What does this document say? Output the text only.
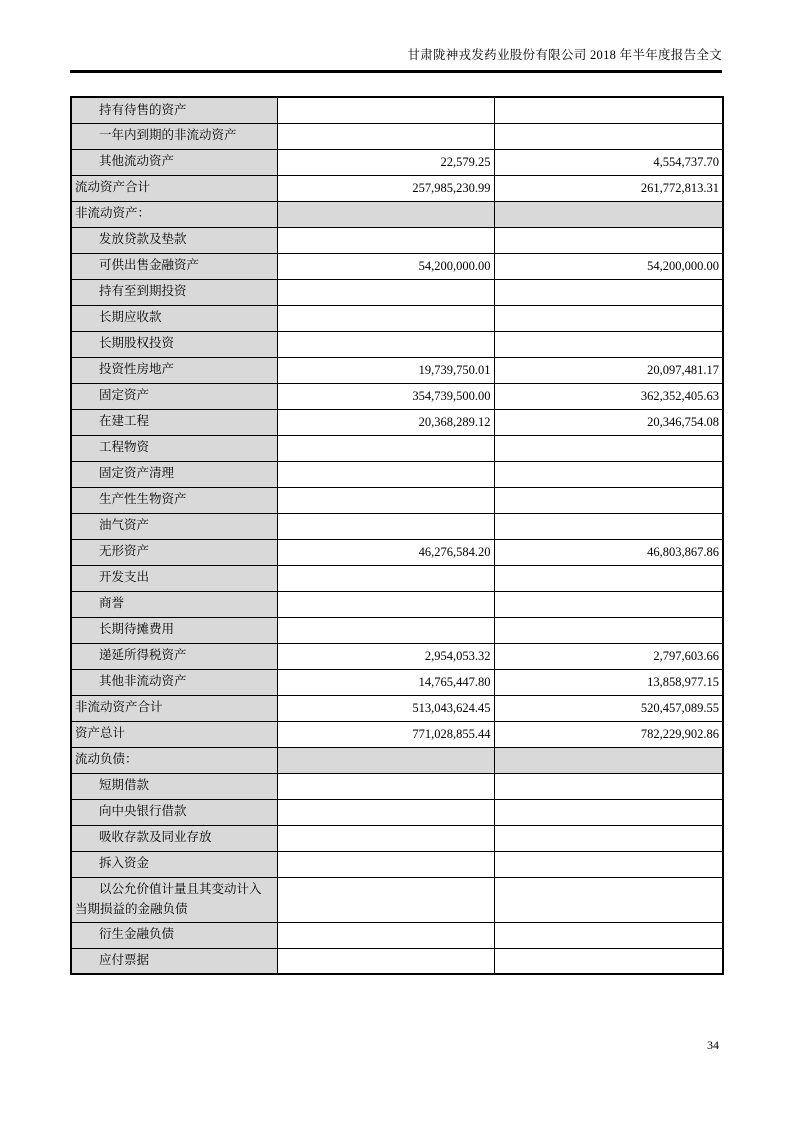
甘肃陇神戎发药业股份有限公司 2018 年半年度报告全文
持有待售的资产		
一年内到期的非流动资产		
其他流动资产	22,579.25	4,554,737.70
流动资产合计	257,985,230.99	261,772,813.31
非流动资产：		
发放贷款及垫款		
可供出售金融资产	54,200,000.00	54,200,000.00
持有至到期投资		
长期应收款		
长期股权投资		
投资性房地产	19,739,750.01	20,097,481.17
固定资产	354,739,500.00	362,352,405.63
在建工程	20,368,289.12	20,346,754.08
工程物资		
固定资产清理		
生产性生物资产		
油气资产		
无形资产	46,276,584.20	46,803,867.86
开发支出		
商誉		
长期待摊费用		
递延所得税资产	2,954,053.32	2,797,603.66
其他非流动资产	14,765,447.80	13,858,977.15
非流动资产合计	513,043,624.45	520,457,089.55
资产总计	771,028,855.44	782,229,902.86
流动负债：		
短期借款		
向中央银行借款		
吸收存款及同业存放		
拆入资金		
以公允价值计量且其变动计入当期损益的金融负债		
衍生金融负债		
应付票据		
34
